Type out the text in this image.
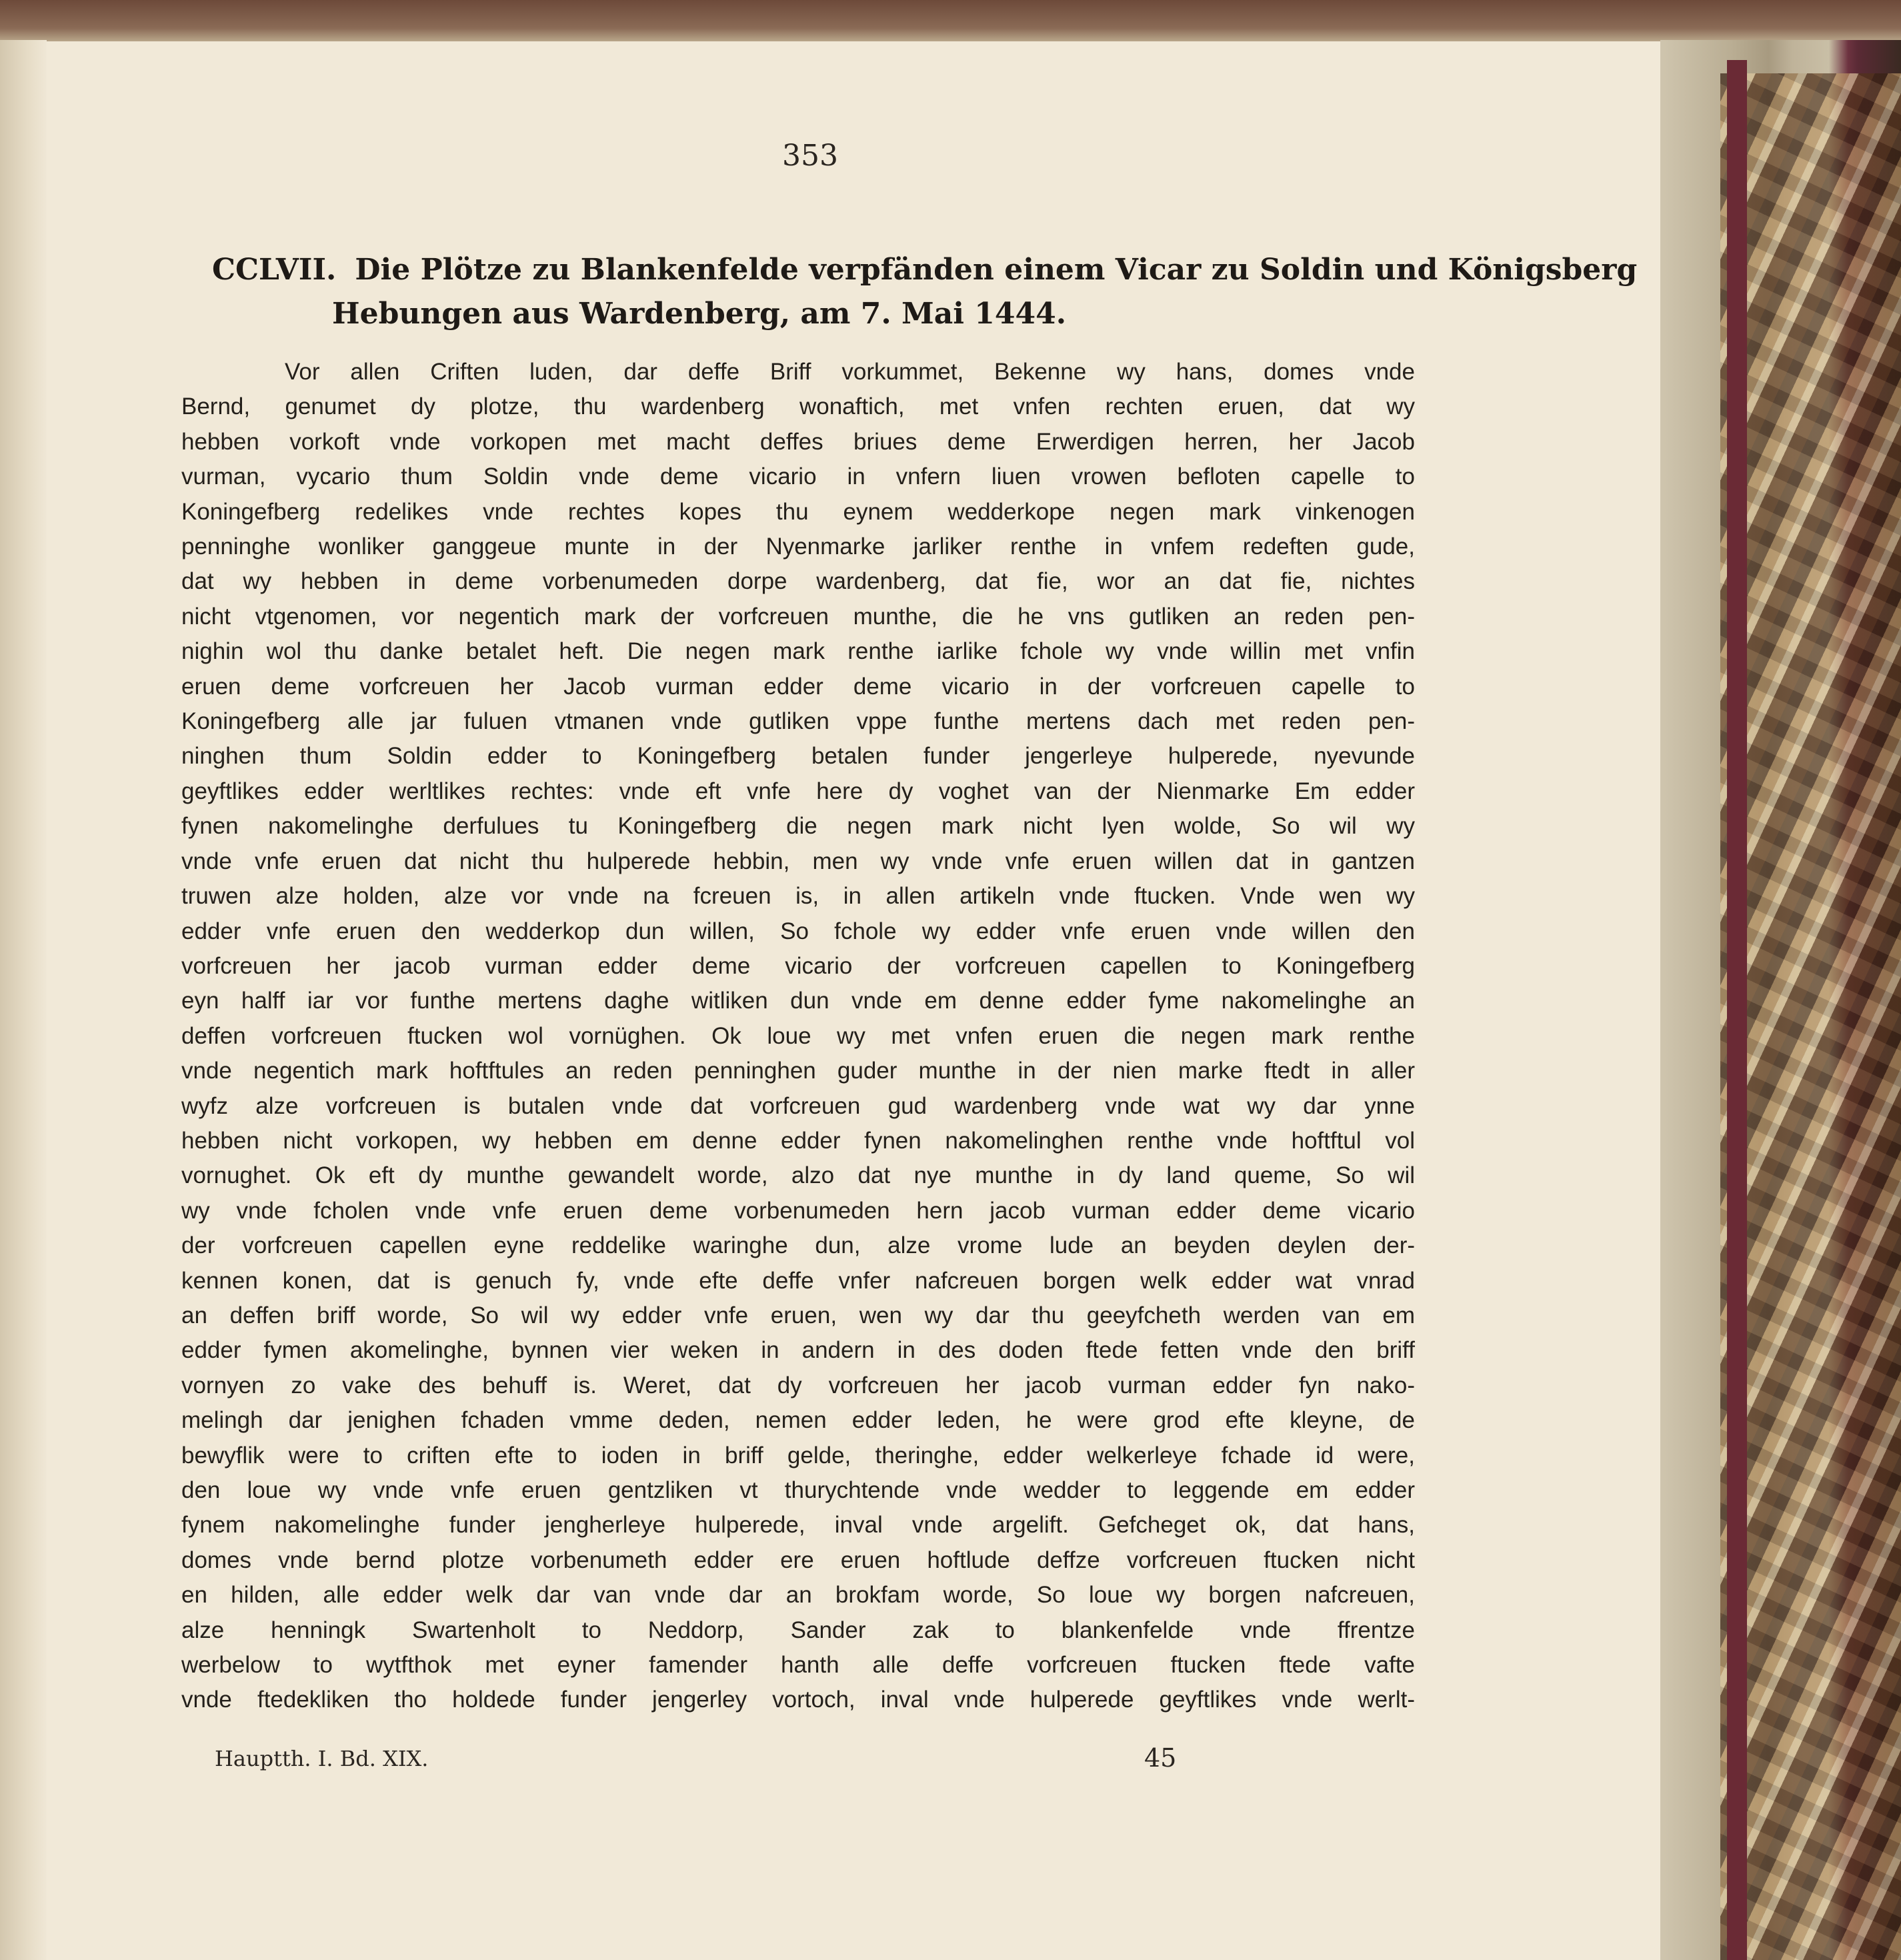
353
CCLVII. Die Plötze zu Blankenfelde verpfänden einem Vicar zu Soldin und Königsberg
Hebungen aus Wardenberg, am 7. Mai 1444.
Vor allen Criften luden, dar deffe Briff vorkummet, Bekenne wy hans, domes vnde
Bernd, genumet dy plotze, thu wardenberg wonaftich, met vnfen rechten eruen, dat wy
hebben vorkoft vnde vorkopen met macht deffes briues deme Erwerdigen herren, her Jacob
vurman, vycario thum Soldin vnde deme vicario in vnfern liuen vrowen befloten capelle to
Koningefberg redelikes vnde rechtes kopes thu eynem wedderkope negen mark vinkenogen
penninghe wonliker ganggeue munte in der Nyenmarke jarliker renthe in vnfem redeften gude,
dat wy hebben in deme vorbenumeden dorpe wardenberg, dat fie, wor an dat fie, nichtes
nicht vtgenomen, vor negentich mark der vorfcreuen munthe, die he vns gutliken an reden pen-
nighin wol thu danke betalet heft. Die negen mark renthe iarlike fchole wy vnde willin met vnfin
eruen deme vorfcreuen her Jacob vurman edder deme vicario in der vorfcreuen capelle to
Koningefberg alle jar fuluen vtmanen vnde gutliken vppe funthe mertens dach met reden pen-
ninghen thum Soldin edder to Koningefberg betalen funder jengerleye hulperede, nyevunde
geyftlikes edder werltlikes rechtes: vnde eft vnfe here dy voghet van der Nienmarke Em edder
fynen nakomelinghe derfulues tu Koningefberg die negen mark nicht lyen wolde, So wil wy
vnde vnfe eruen dat nicht thu hulperede hebbin, men wy vnde vnfe eruen willen dat in gantzen
truwen alze holden, alze vor vnde na fcreuen is, in allen artikeln vnde ftucken. Vnde wen wy
edder vnfe eruen den wedderkop dun willen, So fchole wy edder vnfe eruen vnde willen den
vorfcreuen her jacob vurman edder deme vicario der vorfcreuen capellen to Koningefberg
eyn halff iar vor funthe mertens daghe witliken dun vnde em denne edder fyme nakomelinghe an
deffen vorfcreuen ftucken wol vornüghen. Ok loue wy met vnfen eruen die negen mark renthe
vnde negentich mark hoftftules an reden penninghen guder munthe in der nien marke ftedt in aller
wyfz alze vorfcreuen is butalen vnde dat vorfcreuen gud wardenberg vnde wat wy dar ynne
hebben nicht vorkopen, wy hebben em denne edder fynen nakomelinghen renthe vnde hoftftul vol
vornughet. Ok eft dy munthe gewandelt worde, alzo dat nye munthe in dy land queme, So wil
wy vnde fcholen vnde vnfe eruen deme vorbenumeden hern jacob vurman edder deme vicario
der vorfcreuen capellen eyne reddelike waringhe dun, alze vrome lude an beyden deylen der-
kennen konen, dat is genuch fy, vnde efte deffe vnfer nafcreuen borgen welk edder wat vnrad
an deffen briff worde, So wil wy edder vnfe eruen, wen wy dar thu geeyfcheth werden van em
edder fymen akomelinghe, bynnen vier weken in andern in des doden ftede fetten vnde den briff
vornyen zo vake des behuff is. Weret, dat dy vorfcreuen her jacob vurman edder fyn nako-
melingh dar jenighen fchaden vmme deden, nemen edder leden, he were grod efte kleyne, de
bewyflik were to criften efte to ioden in briff gelde, theringhe, edder welkerleye fchade id were,
den loue wy vnde vnfe eruen gentzliken vt thurychtende vnde wedder to leggende em edder
fynem nakomelinghe funder jengherleye hulperede, inval vnde argelift. Gefcheget ok, dat hans,
domes vnde bernd plotze vorbenumeth edder ere eruen hoftlude deffze vorfcreuen ftucken nicht
en hilden, alle edder welk dar van vnde dar an brokfam worde, So loue wy borgen nafcreuen,
alze henningk Swartenholt to Neddorp, Sander zak to blankenfelde vnde ffrentze
werbelow to wytfthok met eyner famender hanth alle deffe vorfcreuen ftucken ftede vafte
vnde ftedekliken tho holdede funder jengerley vortoch, inval vnde hulperede geyftlikes vnde werlt-
Hauptth. I. Bd. XIX.	45
